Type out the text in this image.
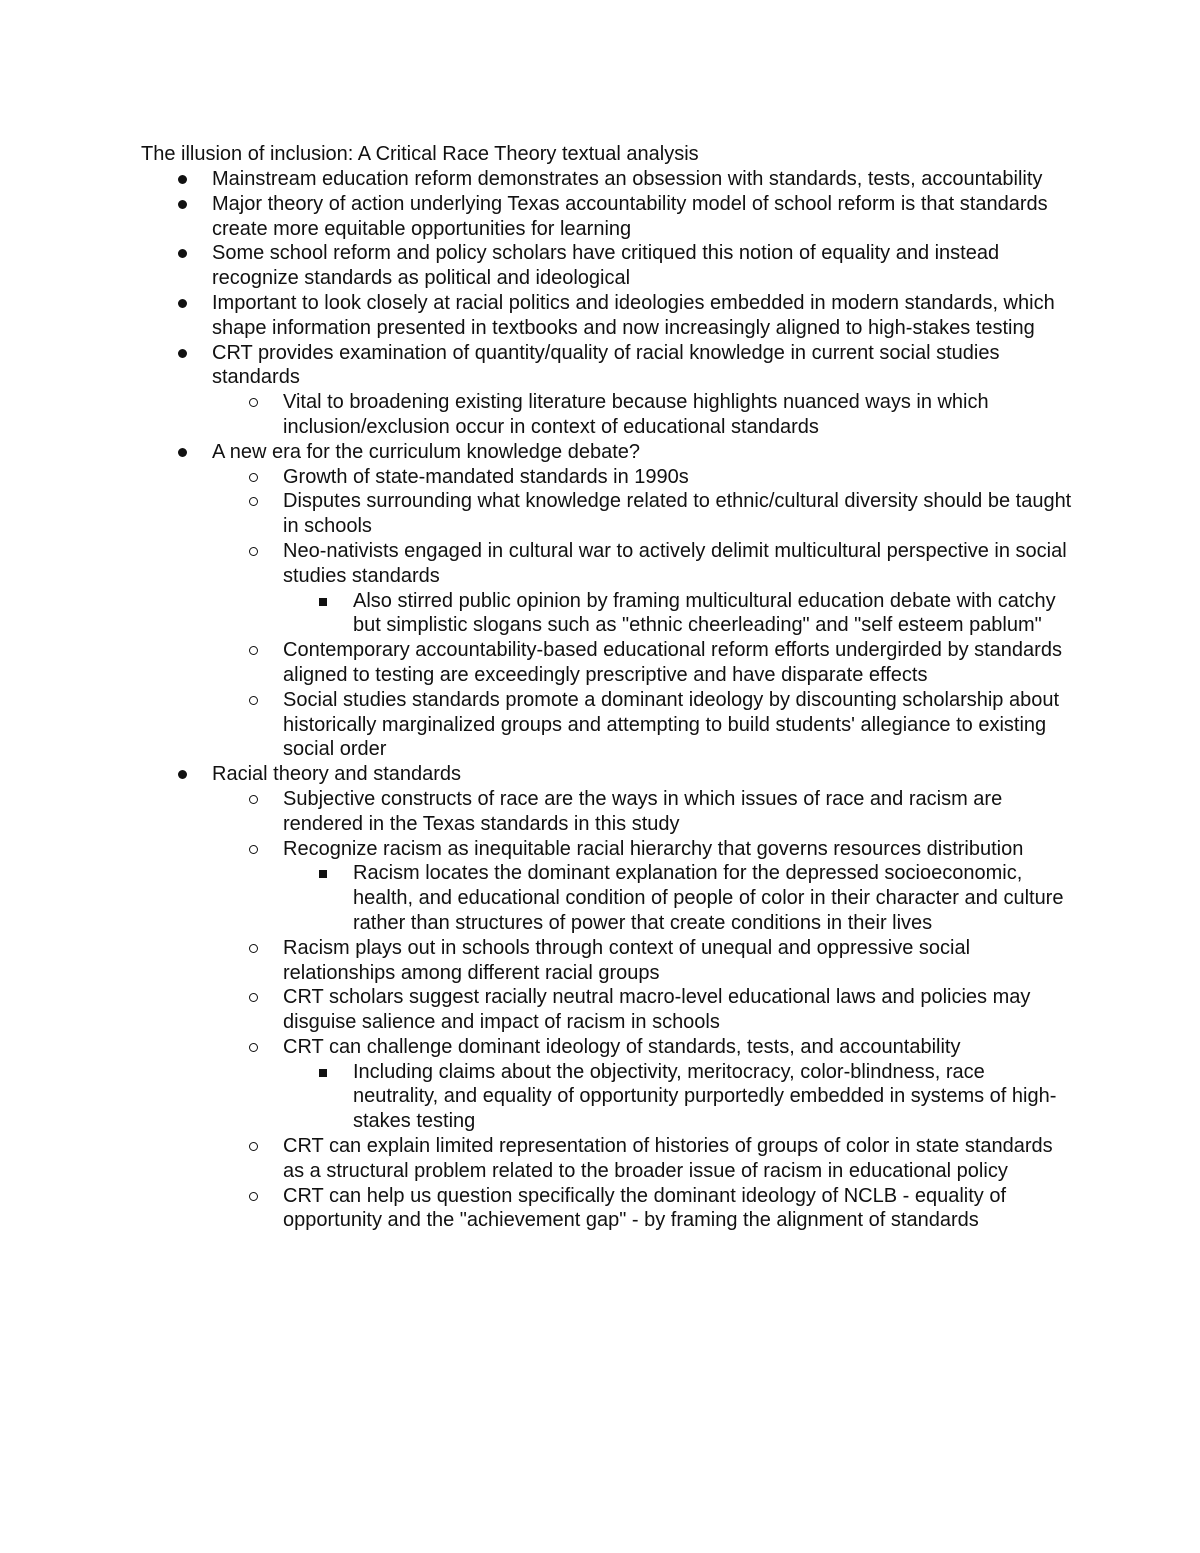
The illusion of inclusion: A Critical Race Theory textual analysis
Mainstream education reform demonstrates an obsession with standards, tests, accountability
Major theory of action underlying Texas accountability model of school reform is that standards create more equitable opportunities for learning
Some school reform and policy scholars have critiqued this notion of equality and instead recognize standards as political and ideological
Important to look closely at racial politics and ideologies embedded in modern standards, which shape information presented in textbooks and now increasingly aligned to high-stakes testing
CRT provides examination of quantity/quality of racial knowledge in current social studies standards
Vital to broadening existing literature because highlights nuanced ways in which inclusion/exclusion occur in context of educational standards
A new era for the curriculum knowledge debate?
Growth of state-mandated standards in 1990s
Disputes surrounding what knowledge related to ethnic/cultural diversity should be taught in schools
Neo-nativists engaged in cultural war to actively delimit multicultural perspective in social studies standards
Also stirred public opinion by framing multicultural education debate with catchy but simplistic slogans such as "ethnic cheerleading" and "self esteem pablum"
Contemporary accountability-based educational reform efforts undergirded by standards aligned to testing are exceedingly prescriptive and have disparate effects
Social studies standards promote a dominant ideology by discounting scholarship about historically marginalized groups and attempting to build students' allegiance to existing social order
Racial theory and standards
Subjective constructs of race are the ways in which issues of race and racism are rendered in the Texas standards in this study
Recognize racism as inequitable racial hierarchy that governs resources distribution
Racism locates the dominant explanation for the depressed socioeconomic, health, and educational condition of people of color in their character and culture rather than structures of power that create conditions in their lives
Racism plays out in schools through context of unequal and oppressive social relationships among different racial groups
CRT scholars suggest racially neutral macro-level educational laws and policies may disguise salience and impact of racism in schools
CRT can challenge dominant ideology of standards, tests, and accountability
Including claims about the objectivity, meritocracy, color-blindness, race neutrality, and equality of opportunity purportedly embedded in systems of high-stakes testing
CRT can explain limited representation of histories of groups of color in state standards as a structural problem related to the broader issue of racism in educational policy
CRT can help us question specifically the dominant ideology of NCLB - equality of opportunity and the "achievement gap" - by framing the alignment of standards
